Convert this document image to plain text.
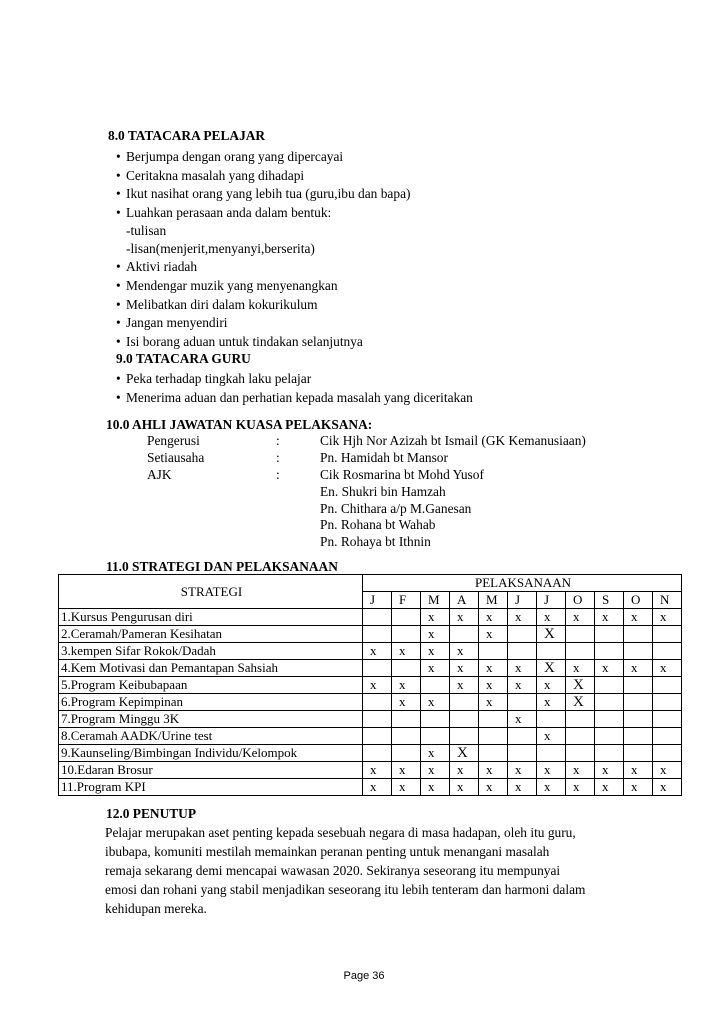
8.0 TATACARA PELAJAR
• Berjumpa dengan orang yang dipercayai
• Ceritakna masalah yang dihadapi
• Ikut nasihat orang yang lebih tua (guru,ibu dan bapa)
• Luahkan perasaan anda dalam bentuk:
-tulisan
-lisan(menjerit,menyanyi,berserita)
• Aktivi riadah
• Mendengar muzik yang menyenangkan
• Melibatkan diri dalam kokurikulum
• Jangan menyendiri
• Isi borang aduan untuk tindakan selanjutnya
9.0 TATACARA GURU
• Peka terhadap tingkah laku pelajar
• Menerima aduan dan perhatian kepada masalah yang diceritakan
10.0 AHLI JAWATAN KUASA PELAKSANA:
Pengerusi	:	Cik Hjh Nor Azizah bt Ismail (GK Kemanusiaan)
Setiausaha	:	Pn. Hamidah bt Mansor
AJK	:	Cik Rosmarina bt Mohd Yusof
En. Shukri bin Hamzah
Pn. Chithara a/p M.Ganesan
Pn. Rohana bt Wahab
Pn. Rohaya bt Ithnin
11.0 STRATEGI DAN PELAKSANAAN
STRATEGI	PELAKSANAAN										
	J	F	M	A	M	J	J	O	S	O	N
1.Kursus Pengurusan diri			x	x	x	x	x	x	x	x	x
2.Ceramah/Pameran Kesihatan			x		x		X				
3.kempen Sifar Rokok/Dadah	x	x	x	x							
4.Kem Motivasi dan Pemantapan Sahsiah			x	x	x	x	X	x	x	x	x
5.Program Keibubapaan	x	x		x	x	x	x	X			
6.Program Kepimpinan		x	x		x		x	X			
7.Program Minggu 3K						x					
8.Ceramah AADK/Urine test							x				
9.Kaunseling/Bimbingan Individu/Kelompok			x	X							
10.Edaran Brosur	x	x	x	x	x	x	x	x	x	x	x
11.Program KPI	x	x	x	x	x	x	x	x	x	x	x
12.0 PENUTUP
Pelajar merupakan aset penting kepada sesebuah negara di masa hadapan, oleh itu guru,
ibubapa, komuniti mestilah memainkan peranan penting untuk menangani masalah
remaja sekarang demi mencapai wawasan 2020. Sekiranya seseorang itu mempunyai
emosi dan rohani yang stabil menjadikan seseorang itu lebih tenteram dan harmoni dalam
kehidupan mereka.
Page 36
